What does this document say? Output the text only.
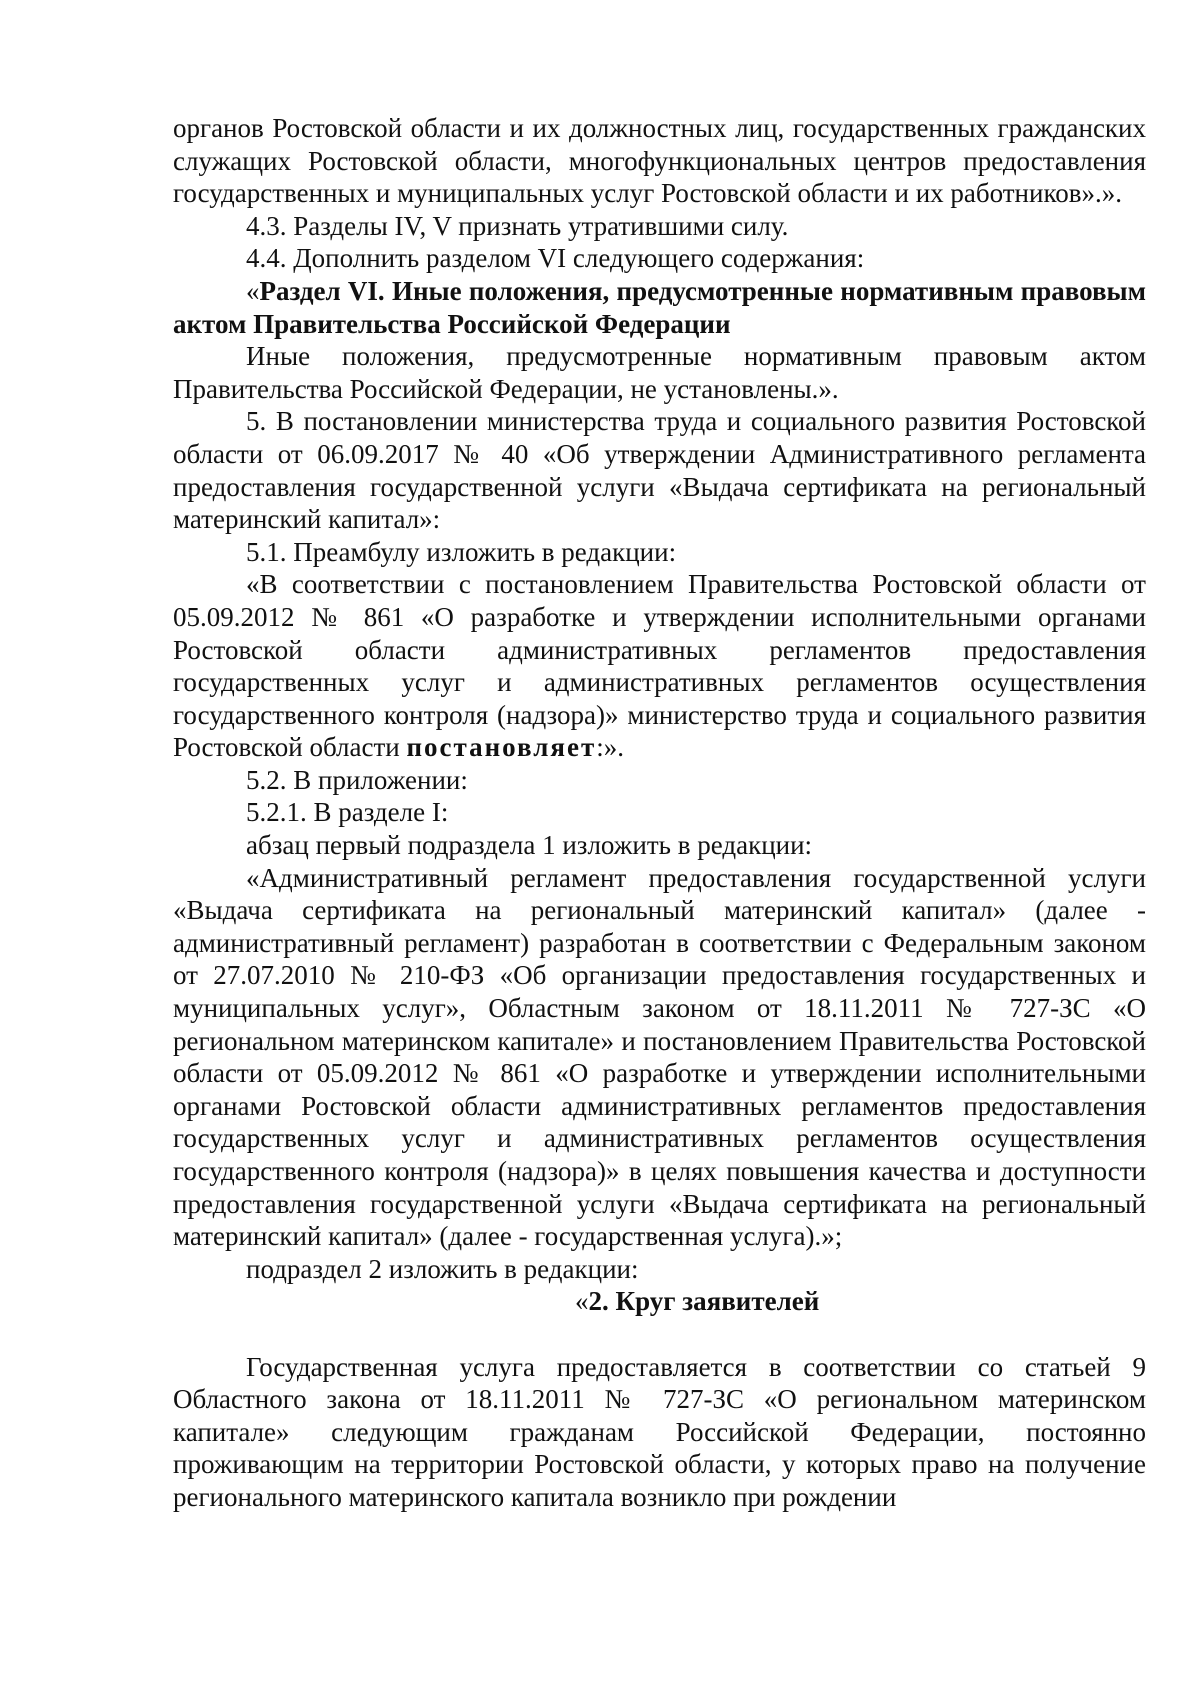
органов Ростовской области и их должностных лиц, государственных гражданских служащих Ростовской области, многофункциональных центров предоставления государственных и муниципальных услуг Ростовской области и их работников».».

4.3. Разделы IV, V признать утратившими силу.

4.4. Дополнить разделом VI следующего содержания:

«Раздел VI. Иные положения, предусмотренные нормативным правовым актом Правительства Российской Федерации

Иные положения, предусмотренные нормативным правовым актом Правительства Российской Федерации, не установлены.».

5. В постановлении министерства труда и социального развития Ростовской области от 06.09.2017 № 40 «Об утверждении Административного регламента предоставления государственной услуги «Выдача сертификата на региональный материнский капитал»:

5.1. Преамбулу изложить в редакции:

«В соответствии с постановлением Правительства Ростовской области от 05.09.2012 № 861 «О разработке и утверждении исполнительными органами Ростовской области административных регламентов предоставления государственных услуг и административных регламентов осуществления государственного контроля (надзора)» министерство труда и социального развития Ростовской области постановляет:».

5.2. В приложении:

5.2.1. В разделе I:

абзац первый подраздела 1 изложить в редакции:

«Административный регламент предоставления государственной услуги «Выдача сертификата на региональный материнский капитал» (далее - административный регламент) разработан в соответствии с Федеральным законом от 27.07.2010 № 210-ФЗ «Об организации предоставления государственных и муниципальных услуг», Областным законом от 18.11.2011 № 727-ЗС «О региональном материнском капитале» и постановлением Правительства Ростовской области от 05.09.2012 № 861 «О разработке и утверждении исполнительными органами Ростовской области административных регламентов предоставления государственных услуг и административных регламентов осуществления государственного контроля (надзора)» в целях повышения качества и доступности предоставления государственной услуги «Выдача сертификата на региональный материнский капитал» (далее - государственная услуга).»;

подраздел 2 изложить в редакции:

«2. Круг заявителей

Государственная услуга предоставляется в соответствии со статьей 9 Областного закона от 18.11.2011 № 727-ЗС «О региональном материнском капитале» следующим гражданам Российской Федерации, постоянно проживающим на территории Ростовской области, у которых право на получение регионального материнского капитала возникло при рождении
